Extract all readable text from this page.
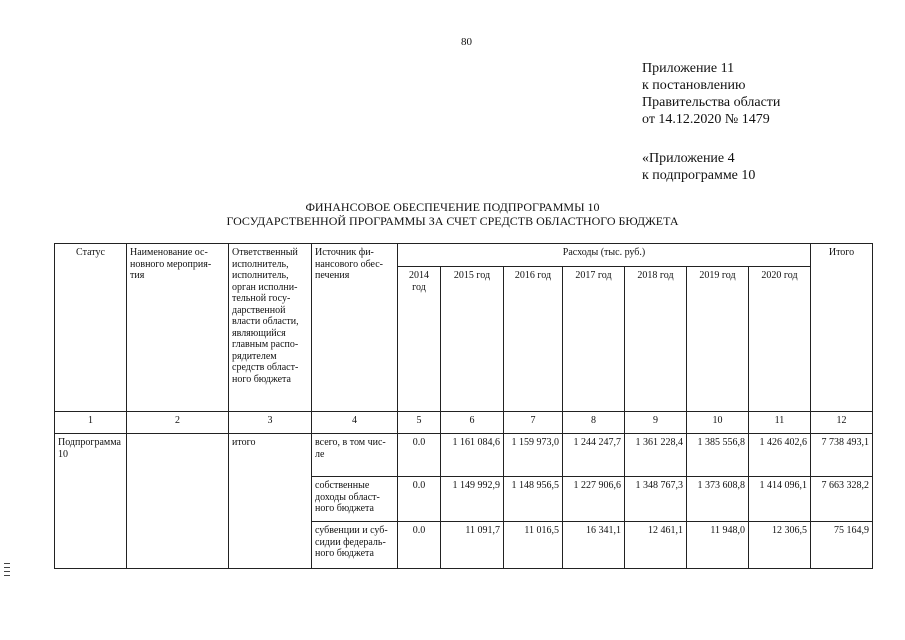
80
Приложение 11
к постановлению
Правительства области
от 14.12.2020 № 1479
«Приложение 4
к подпрограмме 10
ФИНАНСОВОЕ ОБЕСПЕЧЕНИЕ ПОДПРОГРАММЫ 10
ГОСУДАРСТВЕННОЙ ПРОГРАММЫ ЗА СЧЕТ СРЕДСТВ ОБЛАСТНОГО БЮДЖЕТА
Статус	Наименование ос-новного мероприя-тия	Ответственный исполнитель, исполнитель, орган исполни-тельной госу-дарственной власти области, являющийся главным распо-рядителем средств област-ного бюджета	Источник фи-нансового обес-печения	Расходы (тыс. руб.)							Итого
				2014 год	2015 год	2016 год	2017 год	2018 год	2019 год	2020 год	
1	2	3	4	5	6	7	8	9	10	11	12
Подпрограмма 10		итого	всего, в том чис-ле	0.0	1 161 084,6	1 159 973,0	1 244 247,7	1 361 228,4	1 385 556,8	1 426 402,6	7 738 493,1
			собственные доходы област-ного бюджета	0.0	1 149 992,9	1 148 956,5	1 227 906,6	1 348 767,3	1 373 608,8	1 414 096,1	7 663 328,2
			субвенции и суб-сидии федераль-ного бюджета	0.0	11 091,7	11 016,5	16 341,1	12 461,1	11 948,0	12 306,5	75 164,9
